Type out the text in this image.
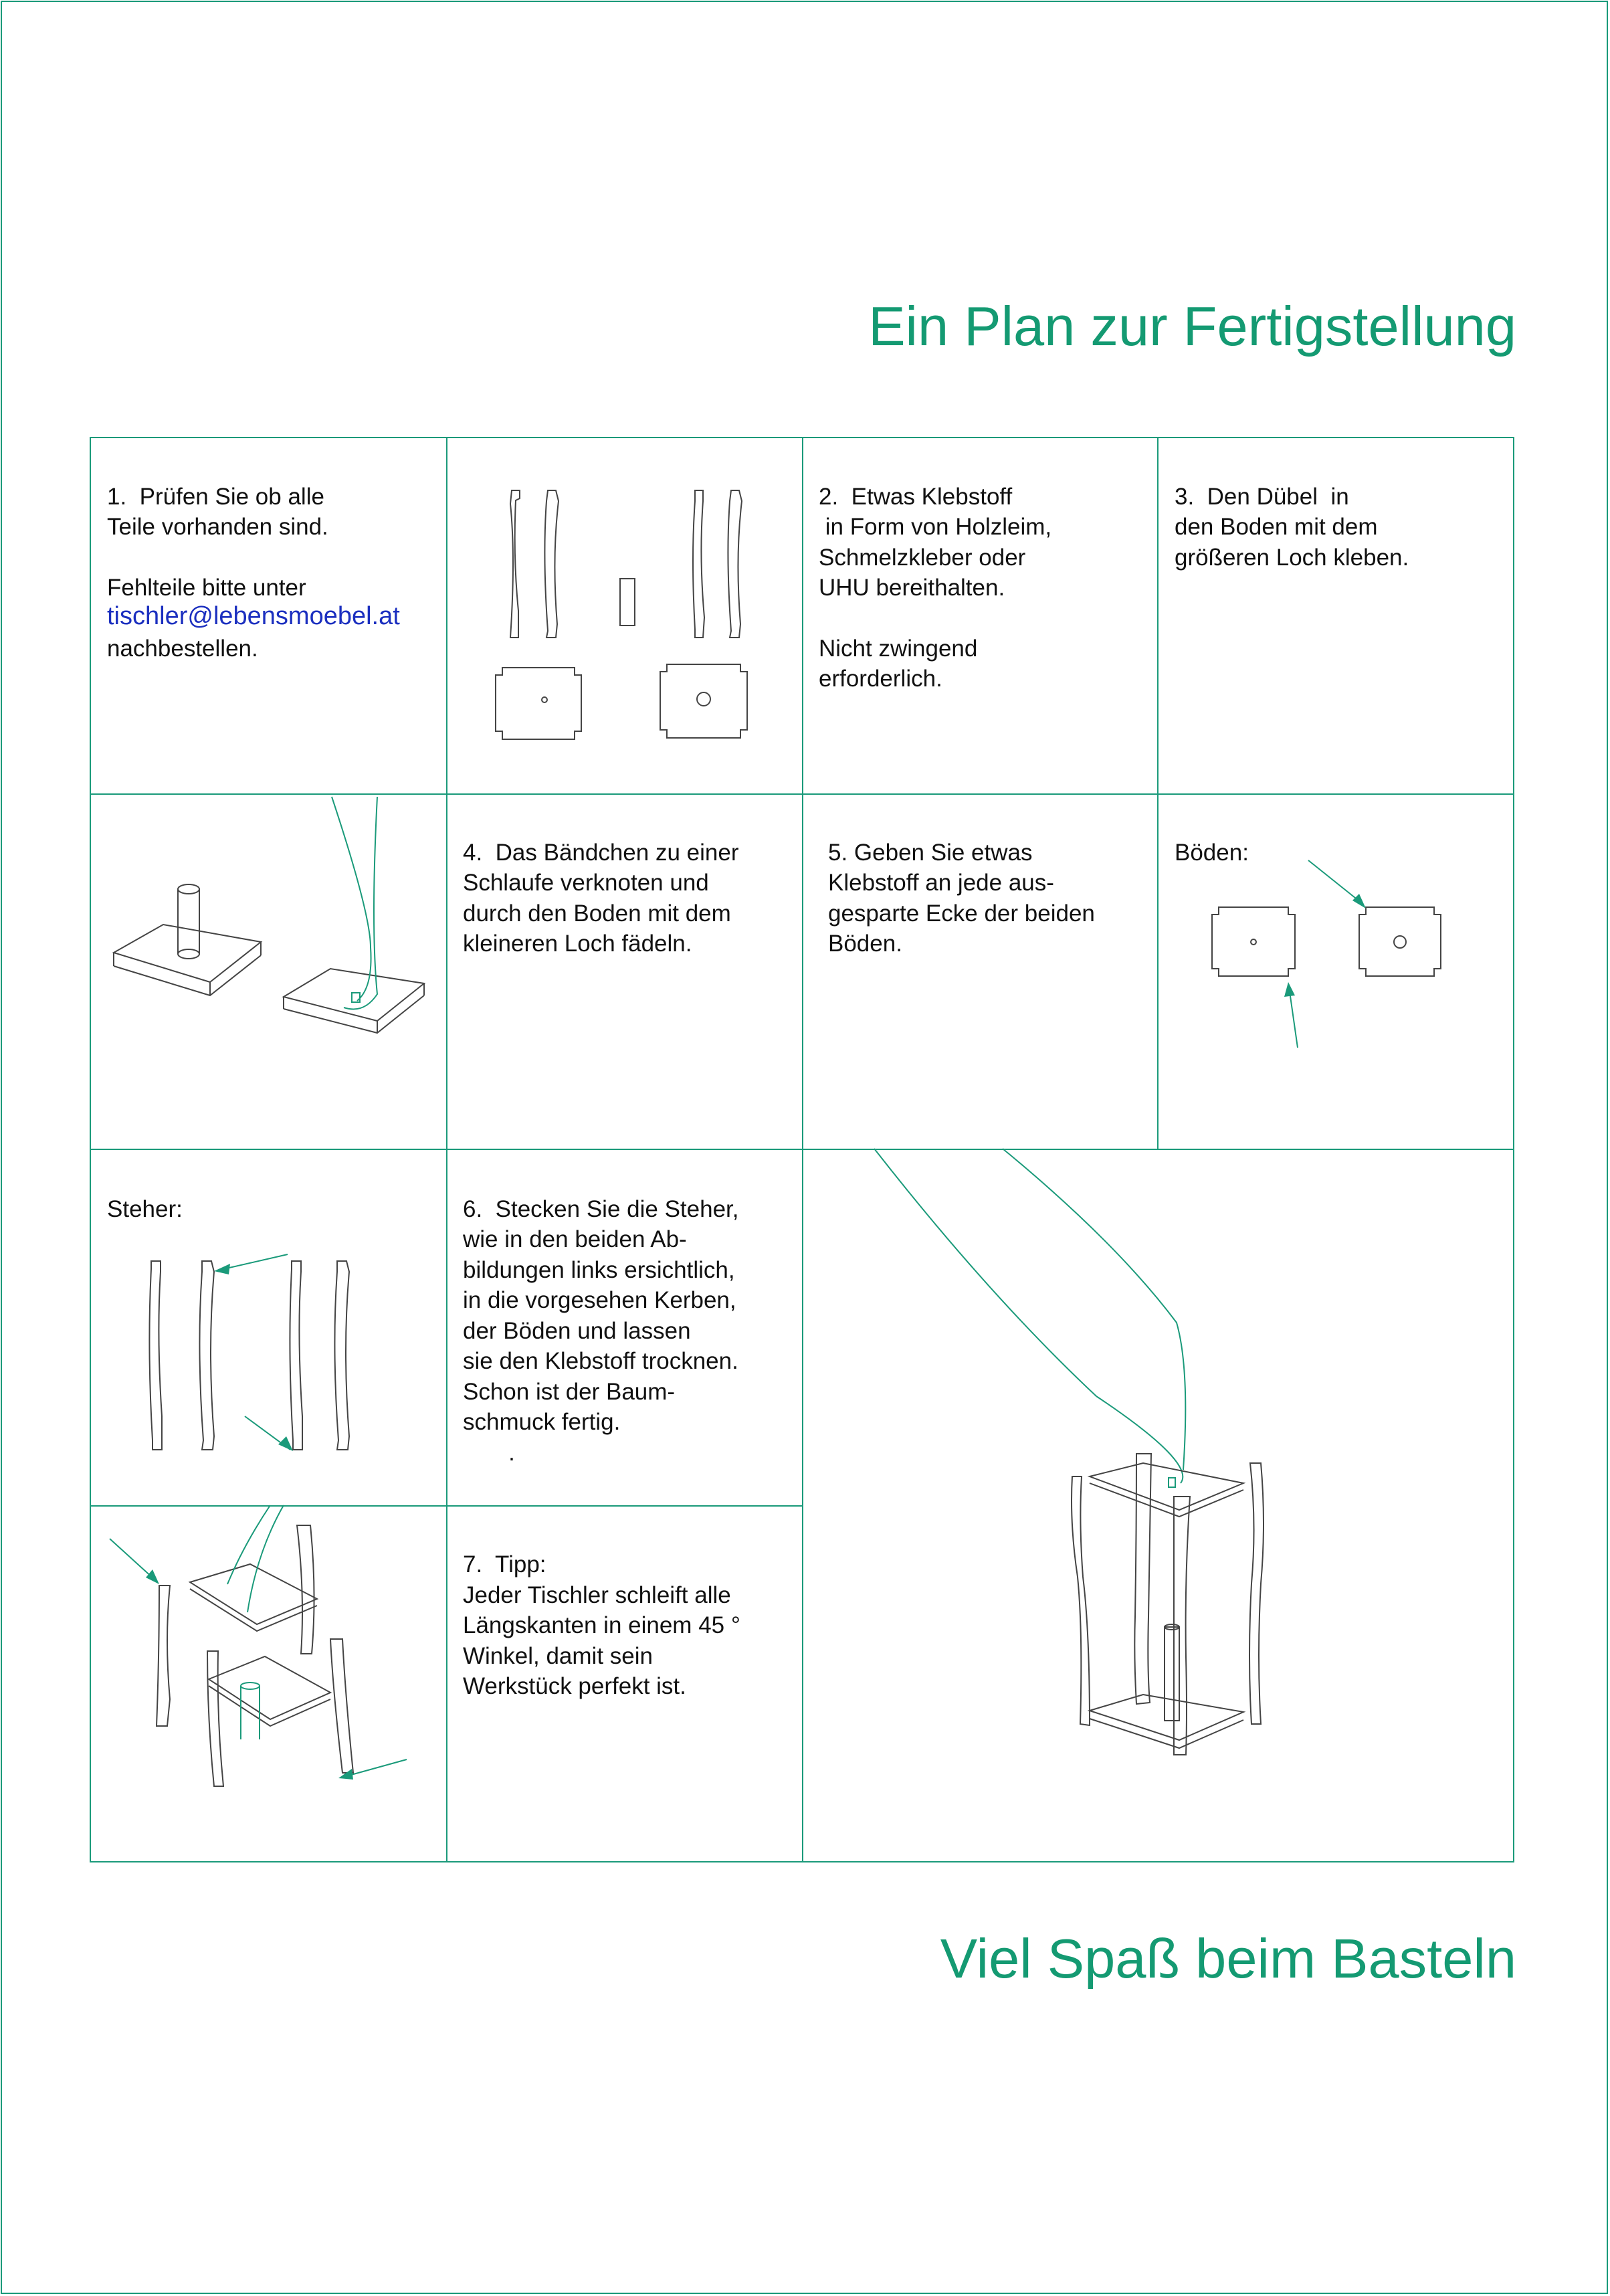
Ein Plan zur Fertigstellung
1.  Prüfen Sie ob alle
Teile vorhanden sind.
Fehlteile bitte unter
tischler@lebensmoebel.at
nachbestellen.
2.  Etwas Klebstoff
in Form von Holzleim,
Schmelzkleber oder
UHU bereithalten.
Nicht zwingend
erforderlich.
3.  Den Dübel  in
den Boden mit dem
größeren Loch kleben.
4.  Das Bändchen zu einer
Schlaufe verknoten und
durch den Boden mit dem
kleineren Loch fädeln.
5. Geben Sie etwas
Klebstoff an jede aus-
gesparte Ecke der beiden
Böden.
Böden:
Steher:	6.  Stecken Sie die Steher,
wie in den beiden Ab-
bildungen links ersichtlich,
in die vorgesehen Kerben,
der Böden und lassen
sie den Klebstoff trocknen.
Schon ist der Baum-
schmuck fertig.
.
7.  Tipp:
Jeder Tischler schleift alle
Längskanten in einem 45 °
Winkel, damit sein
Werkstück perfekt ist.
Viel Spaß beim Basteln
